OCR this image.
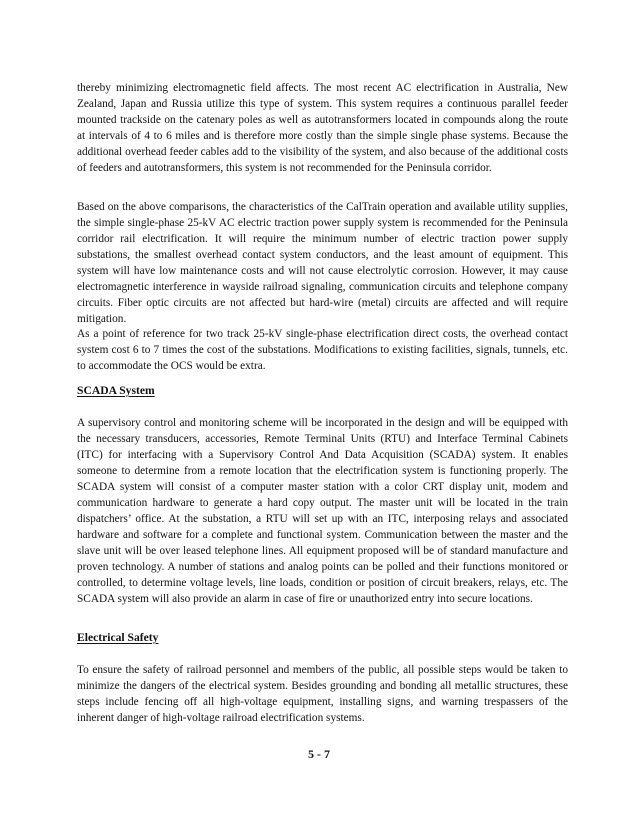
thereby minimizing electromagnetic field affects. The most recent AC electrification in Australia, New Zealand, Japan and Russia utilize this type of system. This system requires a continuous parallel feeder mounted trackside on the catenary poles as well as autotransformers located in compounds along the route at intervals of 4 to 6 miles and is therefore more costly than the simple single phase systems. Because the additional overhead feeder cables add to the visibility of the system, and also because of the additional costs of feeders and autotransformers, this system is not recommended for the Peninsula corridor.

Based on the above comparisons, the characteristics of the CalTrain operation and available utility supplies, the simple single-phase 25-kV AC electric traction power supply system is recommended for the Peninsula corridor rail electrification. It will require the minimum number of electric traction power supply substations, the smallest overhead contact system conductors, and the least amount of equipment. This system will have low maintenance costs and will not cause electrolytic corrosion. However, it may cause electromagnetic interference in wayside railroad signaling, communication circuits and telephone company circuits. Fiber optic circuits are not affected but hard-wire (metal) circuits are affected and will require mitigation.

As a point of reference for two track 25-kV single-phase electrification direct costs, the overhead contact system cost 6 to 7 times the cost of the substations. Modifications to existing facilities, signals, tunnels, etc. to accommodate the OCS would be extra.

SCADA System

A supervisory control and monitoring scheme will be incorporated in the design and will be equipped with the necessary transducers, accessories, Remote Terminal Units (RTU) and Interface Terminal Cabinets (ITC) for interfacing with a Supervisory Control And Data Acquisition (SCADA) system. It enables someone to determine from a remote location that the electrification system is functioning properly. The SCADA system will consist of a computer master station with a color CRT display unit, modem and communication hardware to generate a hard copy output. The master unit will be located in the train dispatchers’ office. At the substation, a RTU will set up with an ITC, interposing relays and associated hardware and software for a complete and functional system. Communication between the master and the slave unit will be over leased telephone lines. All equipment proposed will be of standard manufacture and proven technology. A number of stations and analog points can be polled and their functions monitored or controlled, to determine voltage levels, line loads, condition or position of circuit breakers, relays, etc. The SCADA system will also provide an alarm in case of fire or unauthorized entry into secure locations.

Electrical Safety

To ensure the safety of railroad personnel and members of the public, all possible steps would be taken to minimize the dangers of the electrical system. Besides grounding and bonding all metallic structures, these steps include fencing off all high-voltage equipment, installing signs, and warning trespassers of the inherent danger of high-voltage railroad electrification systems.

5 - 7
